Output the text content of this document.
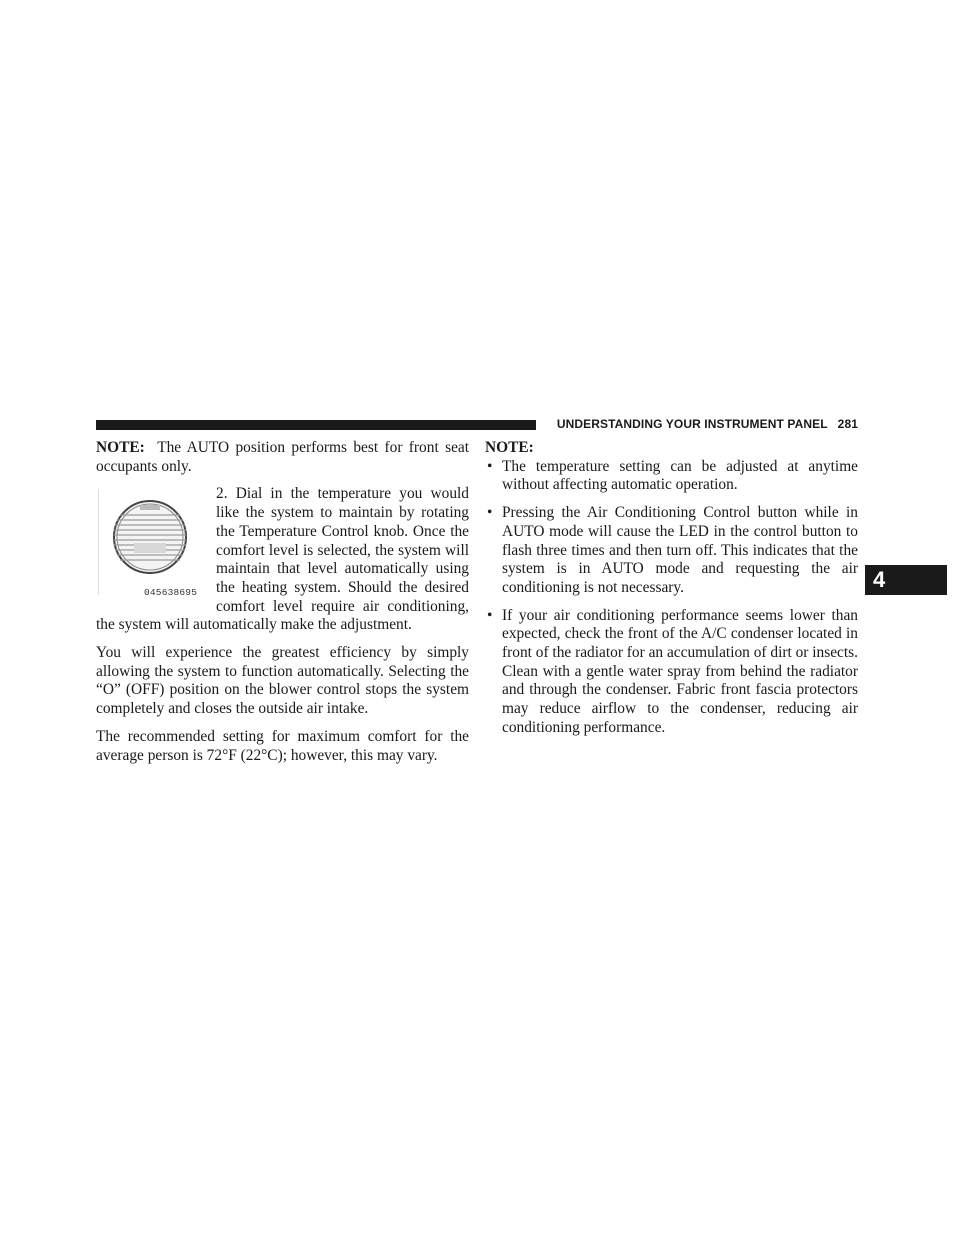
UNDERSTANDING YOUR INSTRUMENT PANEL 281
4

NOTE: The AUTO position performs best for front seat occupants only.

045638695

2. Dial in the temperature you would like the system to maintain by rotating the Temperature Control knob. Once the comfort level is selected, the system will maintain that level automatically using the heating system. Should the desired comfort level require air conditioning, the system will automatically make the adjustment.

You will experience the greatest efficiency by simply allowing the system to function automatically. Selecting the “O” (OFF) position on the blower control stops the system completely and closes the outside air intake.

The recommended setting for maximum comfort for the average person is 72°F (22°C); however, this may vary.

NOTE:

• The temperature setting can be adjusted at anytime without affecting automatic operation.
• Pressing the Air Conditioning Control button while in AUTO mode will cause the LED in the control button to flash three times and then turn off. This indicates that the system is in AUTO mode and requesting the air conditioning is not necessary.
• If your air conditioning performance seems lower than expected, check the front of the A/C condenser located in front of the radiator for an accumulation of dirt or insects. Clean with a gentle water spray from behind the radiator and through the condenser. Fabric front fascia protectors may reduce airflow to the condenser, reducing air conditioning performance.
